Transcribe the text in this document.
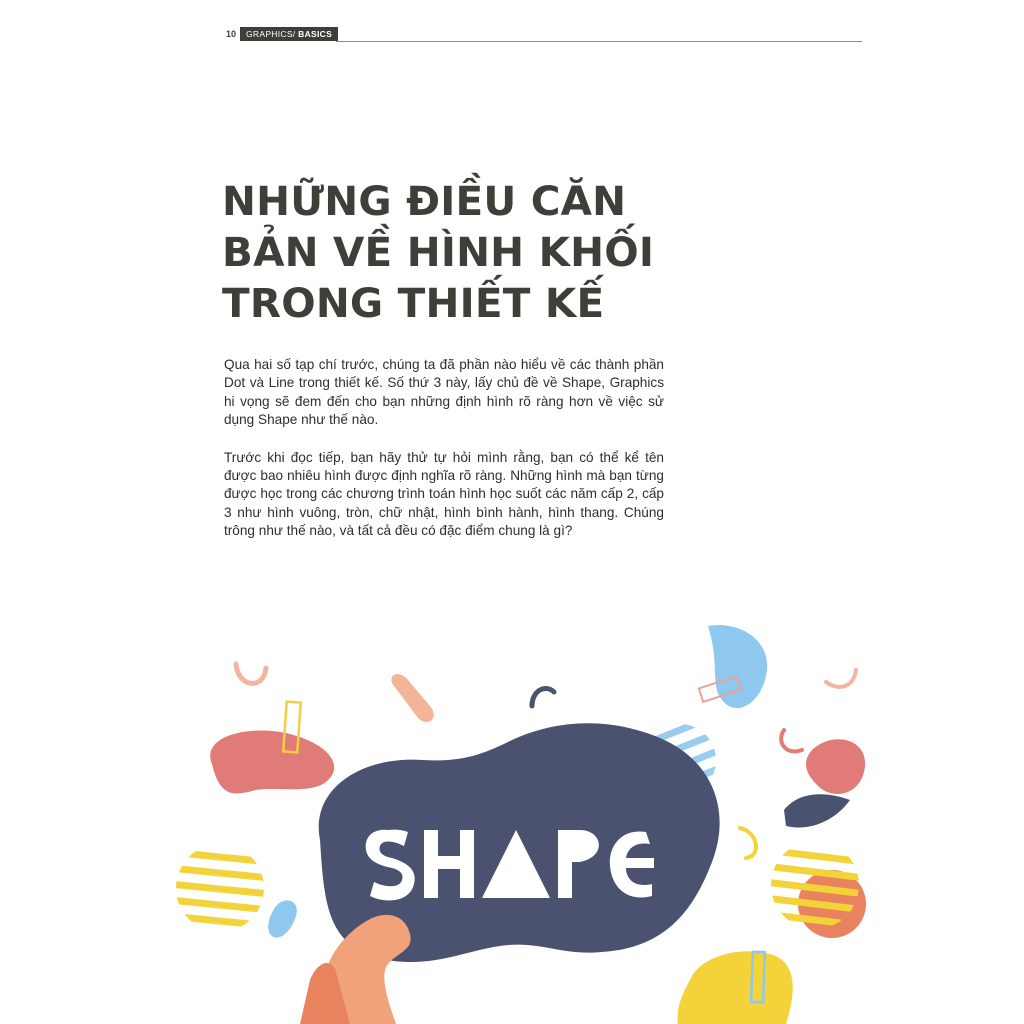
10	GRAPHICS/ BASICS
NHỮNG ĐIỀU CĂN
BẢN VỀ HÌNH KHỐI
TRONG THIẾT KẾ

Qua hai số tạp chí trước, chúng ta đã phần nào hiểu về các thành phần Dot và Line trong thiết kế. Số thứ 3 này, lấy chủ đề về Shape, Graphics hi vọng sẽ đem đến cho bạn những định hình rõ ràng hơn về việc sử dụng Shape như thế nào.

Trước khi đọc tiếp, bạn hãy thử tự hỏi mình rằng, bạn có thể kể tên được bao nhiêu hình được định nghĩa rõ ràng. Những hình mà bạn từng được học trong các chương trình toán hình học suốt các năm cấp 2, cấp 3 như hình vuông, tròn, chữ nhật, hình bình hành, hình thang. Chúng trông như thế nào, và tất cả đều có đặc điểm chung là gì?
